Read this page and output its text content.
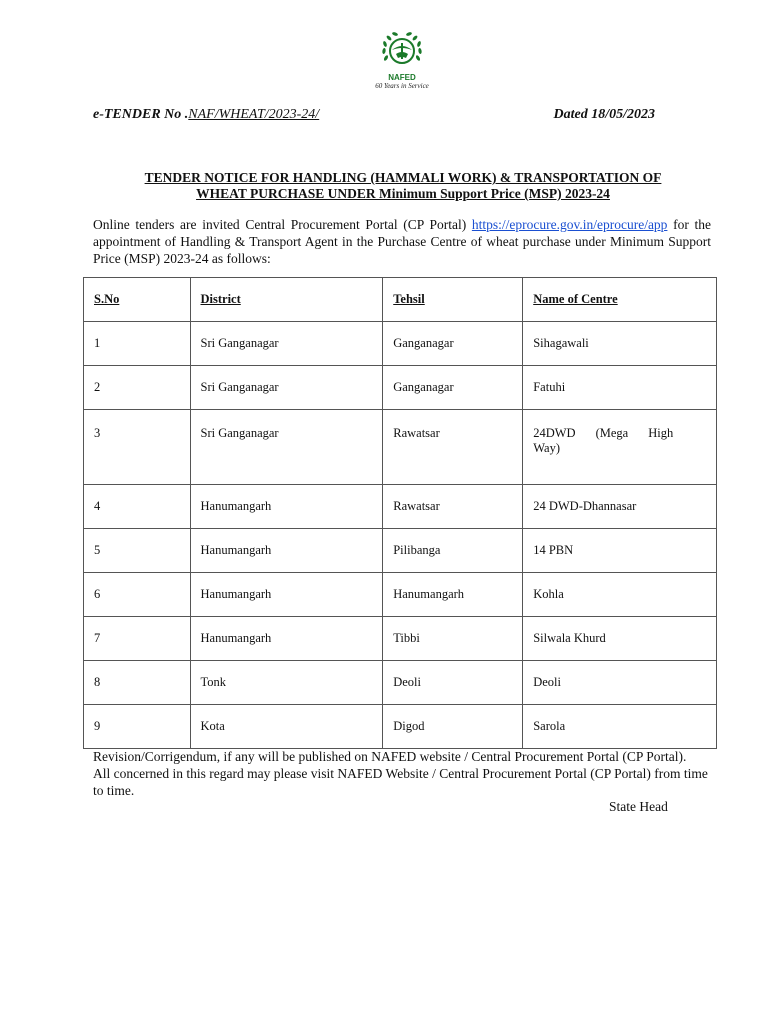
NAFED
60 Years in Service
e-TENDER No .NAF/WHEAT/2023-24/	Dated 18/05/2023
TENDER NOTICE FOR HANDLING (HAMMALI WORK) & TRANSPORTATION OF
WHEAT PURCHASE UNDER Minimum Support Price (MSP) 2023-24
Online tenders are invited Central Procurement Portal (CP Portal) https://eprocure.gov.in/eprocure/app for the appointment of Handling & Transport Agent in the Purchase Centre of wheat purchase under Minimum Support Price (MSP) 2023-24 as follows:
S.No	District	Tehsil	Name of Centre
1	Sri Ganganagar	Ganganagar	Sihagawali
2	Sri Ganganagar	Ganganagar	Fatuhi
3	Sri Ganganagar	Rawatsar	24DWD (Mega High
Way)

4	Hanumangarh	Rawatsar	24 DWD-Dhannasar
5	Hanumangarh	Pilibanga	14 PBN
6	Hanumangarh	Hanumangarh	Kohla
7	Hanumangarh	Tibbi	Silwala Khurd
8	Tonk	Deoli	Deoli
9	Kota	Digod	Sarola
Revision/Corrigendum, if any will be published on NAFED website / Central Procurement Portal (CP Portal).
All concerned in this regard may please visit NAFED Website / Central Procurement Portal (CP Portal) from time to time.
State Head
